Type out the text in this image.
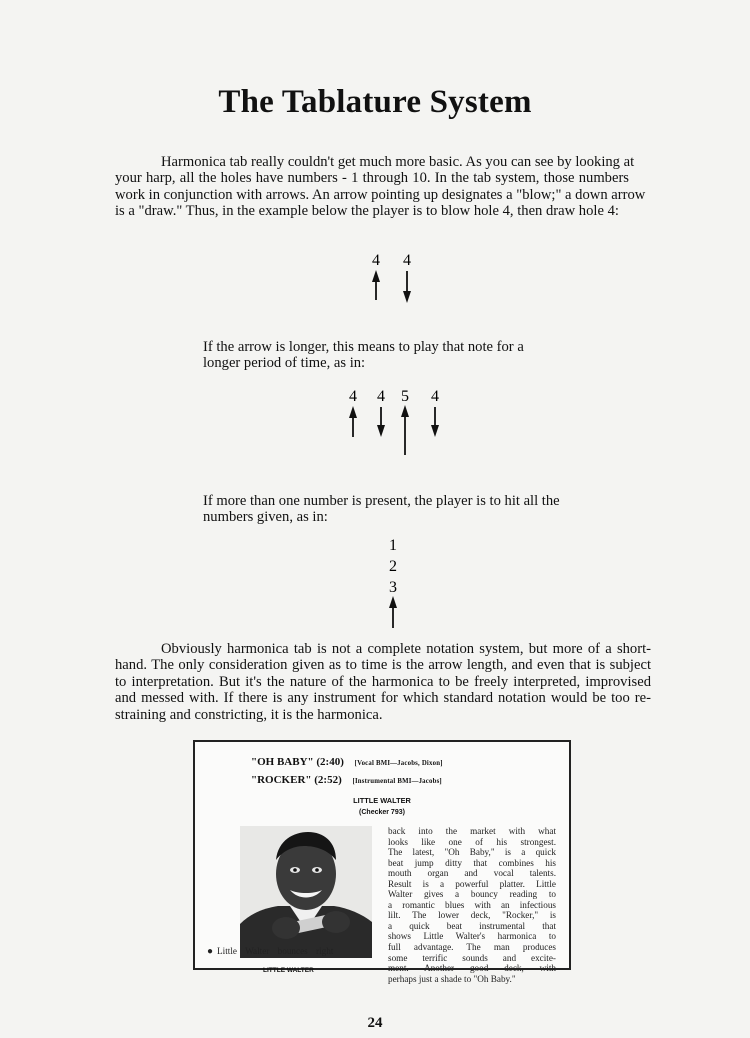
The Tablature System
Harmonica tab really couldn't get much more basic. As you can see by looking at
your harp, all the holes have numbers - 1 through 10. In the tab system, those numbers
work in conjunction with arrows. An arrow pointing up designates a "blow;" a down arrow
is a "draw." Thus, in the example below the player is to blow hole 4, then draw hole 4:
4 4
If the arrow is longer, this means to play that note for a
longer period of time, as in:
4 4 5 4
If more than one number is present, the player is to hit all the
numbers given, as in:
1
2
3
Obviously harmonica tab is not a complete notation system, but more of a short-
hand. The only consideration given as to time is the arrow length, and even that is subject
to interpretation. But it's the nature of the harmonica to be freely interpreted, improvised
and messed with. If there is any instrument for which standard notation would be too re-
straining and constricting, it is the harmonica.
"OH BABY" (2:40) [Vocal BMI—Jacobs, Dixon]
"ROCKER" (2:52) [Instrumental BMI—Jacobs]
LITTLE WALTER
(Checker 793)
LITTLE WALTER
● Little Walter bounces right
back into the market with what
looks like one of his strongest.
The latest, "Oh Baby," is a quick
beat jump ditty that combines his
mouth organ and vocal talents.
Result is a powerful platter. Little
Walter gives a bouncy reading to
a romantic blues with an infectious
lilt. The lower deck, "Rocker," is
a quick beat instrumental that
shows Little Walter's harmonica to
full advantage. The man produces
some terrific sounds and excite-
ment. Another good deck, with
perhaps just a shade to "Oh Baby."
24
